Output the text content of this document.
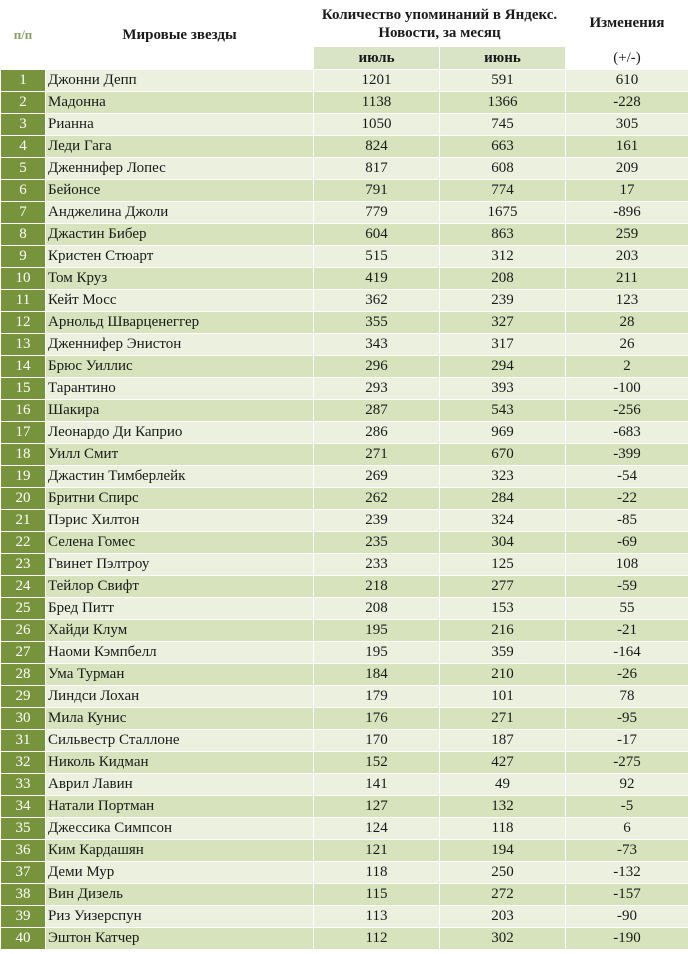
п/п	Мировые звезды	Количество упоминаний в Яндекс. Новости, за месяц		Изменения
		июль	июнь	(+/-)
1	Джонни Депп	1201	591	610
2	Мадонна	1138	1366	-228
3	Рианна	1050	745	305
4	Леди Гага	824	663	161
5	Дженнифер Лопес	817	608	209
6	Бейонсе	791	774	17
7	Анджелина Джоли	779	1675	-896
8	Джастин Бибер	604	863	259
9	Кристен Стюарт	515	312	203
10	Том Круз	419	208	211
11	Кейт Мосс	362	239	123
12	Арнольд Шварценеггер	355	327	28
13	Дженнифер Энистон	343	317	26
14	Брюс Уиллис	296	294	2
15	Тарантино	293	393	-100
16	Шакира	287	543	-256
17	Леонардо Ди Каприо	286	969	-683
18	Уилл Смит	271	670	-399
19	Джастин Тимберлейк	269	323	-54
20	Бритни Спирс	262	284	-22
21	Пэрис Хилтон	239	324	-85
22	Селена Гомес	235	304	-69
23	Гвинет Пэлтроу	233	125	108
24	Тейлор Свифт	218	277	-59
25	Бред Питт	208	153	55
26	Хайди Клум	195	216	-21
27	Наоми Кэмпбелл	195	359	-164
28	Ума Турман	184	210	-26
29	Линдси Лохан	179	101	78
30	Мила Кунис	176	271	-95
31	Сильвестр Сталлоне	170	187	-17
32	Николь Кидман	152	427	-275
33	Аврил Лавин	141	49	92
34	Натали Портман	127	132	-5
35	Джессика Симпсон	124	118	6
36	Ким Кардашян	121	194	-73
37	Деми Мур	118	250	-132
38	Вин Дизель	115	272	-157
39	Риз Уизерспун	113	203	-90
40	Эштон Катчер	112	302	-190
